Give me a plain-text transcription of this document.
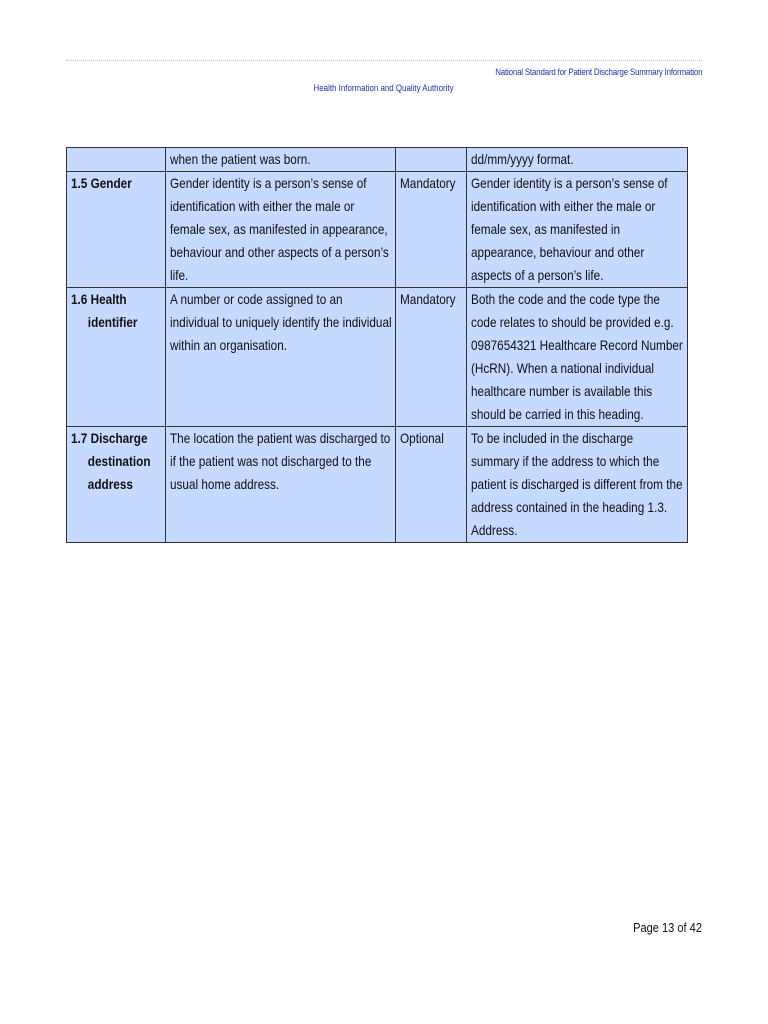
National Standard for Patient Discharge Summary Information
Health Information and Quality Authority

	when the patient was born.		dd/mm/yyyy format.

1.5 Gender	Gender identity is a person’s sense of identification with either the male or female sex, as manifested in appearance, behaviour and other aspects of a person’s life.	Mandatory	Gender identity is a person’s sense of identification with either the male or female sex, as manifested in appearance, behaviour and other aspects of a person’s life.

1.6 Health
identifier	A number or code assigned to an individual to uniquely identify the individual within an organisation.	Mandatory	Both the code and the code type the code relates to should be provided e.g. 0987654321 Healthcare Record Number (HcRN). When a national individual healthcare number is available this should be carried in this heading.

1.7 Discharge
destination
address	The location the patient was discharged to if the patient was not discharged to the usual home address.	Optional	To be included in the discharge summary if the address to which the patient is discharged is different from the address contained in the heading 1.3. Address.
Page 13 of 42
